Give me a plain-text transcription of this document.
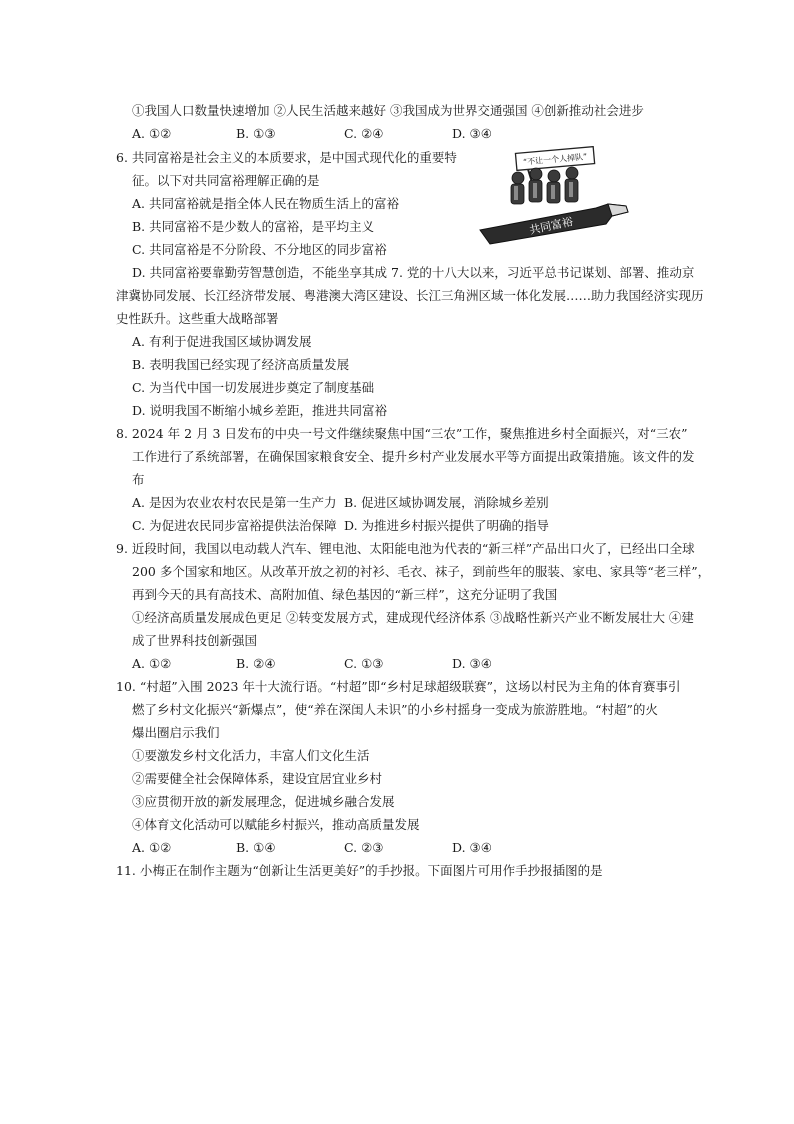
①我国人口数量快速增加 ②人民生活越来越好 ③我国成为世界交通强国 ④创新推动社会进步
A. ①②	B. ①③	C. ②④	D. ③④
6. 共同富裕是社会主义的本质要求，是中国式现代化的重要特
征。以下对共同富裕理解正确的是
A. 共同富裕就是指全体人民在物质生活上的富裕
B. 共同富裕不是少数人的富裕，是平均主义
C. 共同富裕是不分阶段、不分地区的同步富裕
“不让一个人掉队”
共同富裕
D. 共同富裕要靠勤劳智慧创造，不能坐享其成 7. 党的十八大以来，习近平总书记谋划、部署、推动京
津冀协同发展、长江经济带发展、粤港澳大湾区建设、长江三角洲区域一体化发展……助力我国经济实现历
史性跃升。这些重大战略部署
A. 有利于促进我国区域协调发展
B. 表明我国已经实现了经济高质量发展
C. 为当代中国一切发展进步奠定了制度基础
D. 说明我国不断缩小城乡差距，推进共同富裕
8. 2024 年 2 月 3 日发布的中央一号文件继续聚焦中国“三农”工作，聚焦推进乡村全面振兴，对“三农”
工作进行了系统部署，在确保国家粮食安全、提升乡村产业发展水平等方面提出政策措施。该文件的发
布
A. 是因为农业农村农民是第一生产力 B. 促进区域协调发展，消除城乡差别
C. 为促进农民同步富裕提供法治保障 D. 为推进乡村振兴提供了明确的指导
9. 近段时间，我国以电动载人汽车、锂电池、太阳能电池为代表的“新三样”产品出口火了，已经出口全球
200 多个国家和地区。从改革开放之初的衬衫、毛衣、袜子，到前些年的服装、家电、家具等“老三样”，
再到今天的具有高技术、高附加值、绿色基因的“新三样”，这充分证明了我国
①经济高质量发展成色更足 ②转变发展方式，建成现代经济体系 ③战略性新兴产业不断发展壮大 ④建
成了世界科技创新强国
A. ①②	B. ②④	C. ①③	D. ③④
10. “村超”入围 2023 年十大流行语。“村超”即“乡村足球超级联赛”，这场以村民为主角的体育赛事引
燃了乡村文化振兴“新爆点”，使“养在深闺人未识”的小乡村摇身一变成为旅游胜地。“村超”的火
爆出圈启示我们
①要激发乡村文化活力，丰富人们文化生活
②需要健全社会保障体系，建设宜居宜业乡村
③应贯彻开放的新发展理念，促进城乡融合发展
④体育文化活动可以赋能乡村振兴，推动高质量发展
A. ①②	B. ①④	C. ②③	D. ③④
11. 小梅正在制作主题为“创新让生活更美好”的手抄报。下面图片可用作手抄报插图的是
